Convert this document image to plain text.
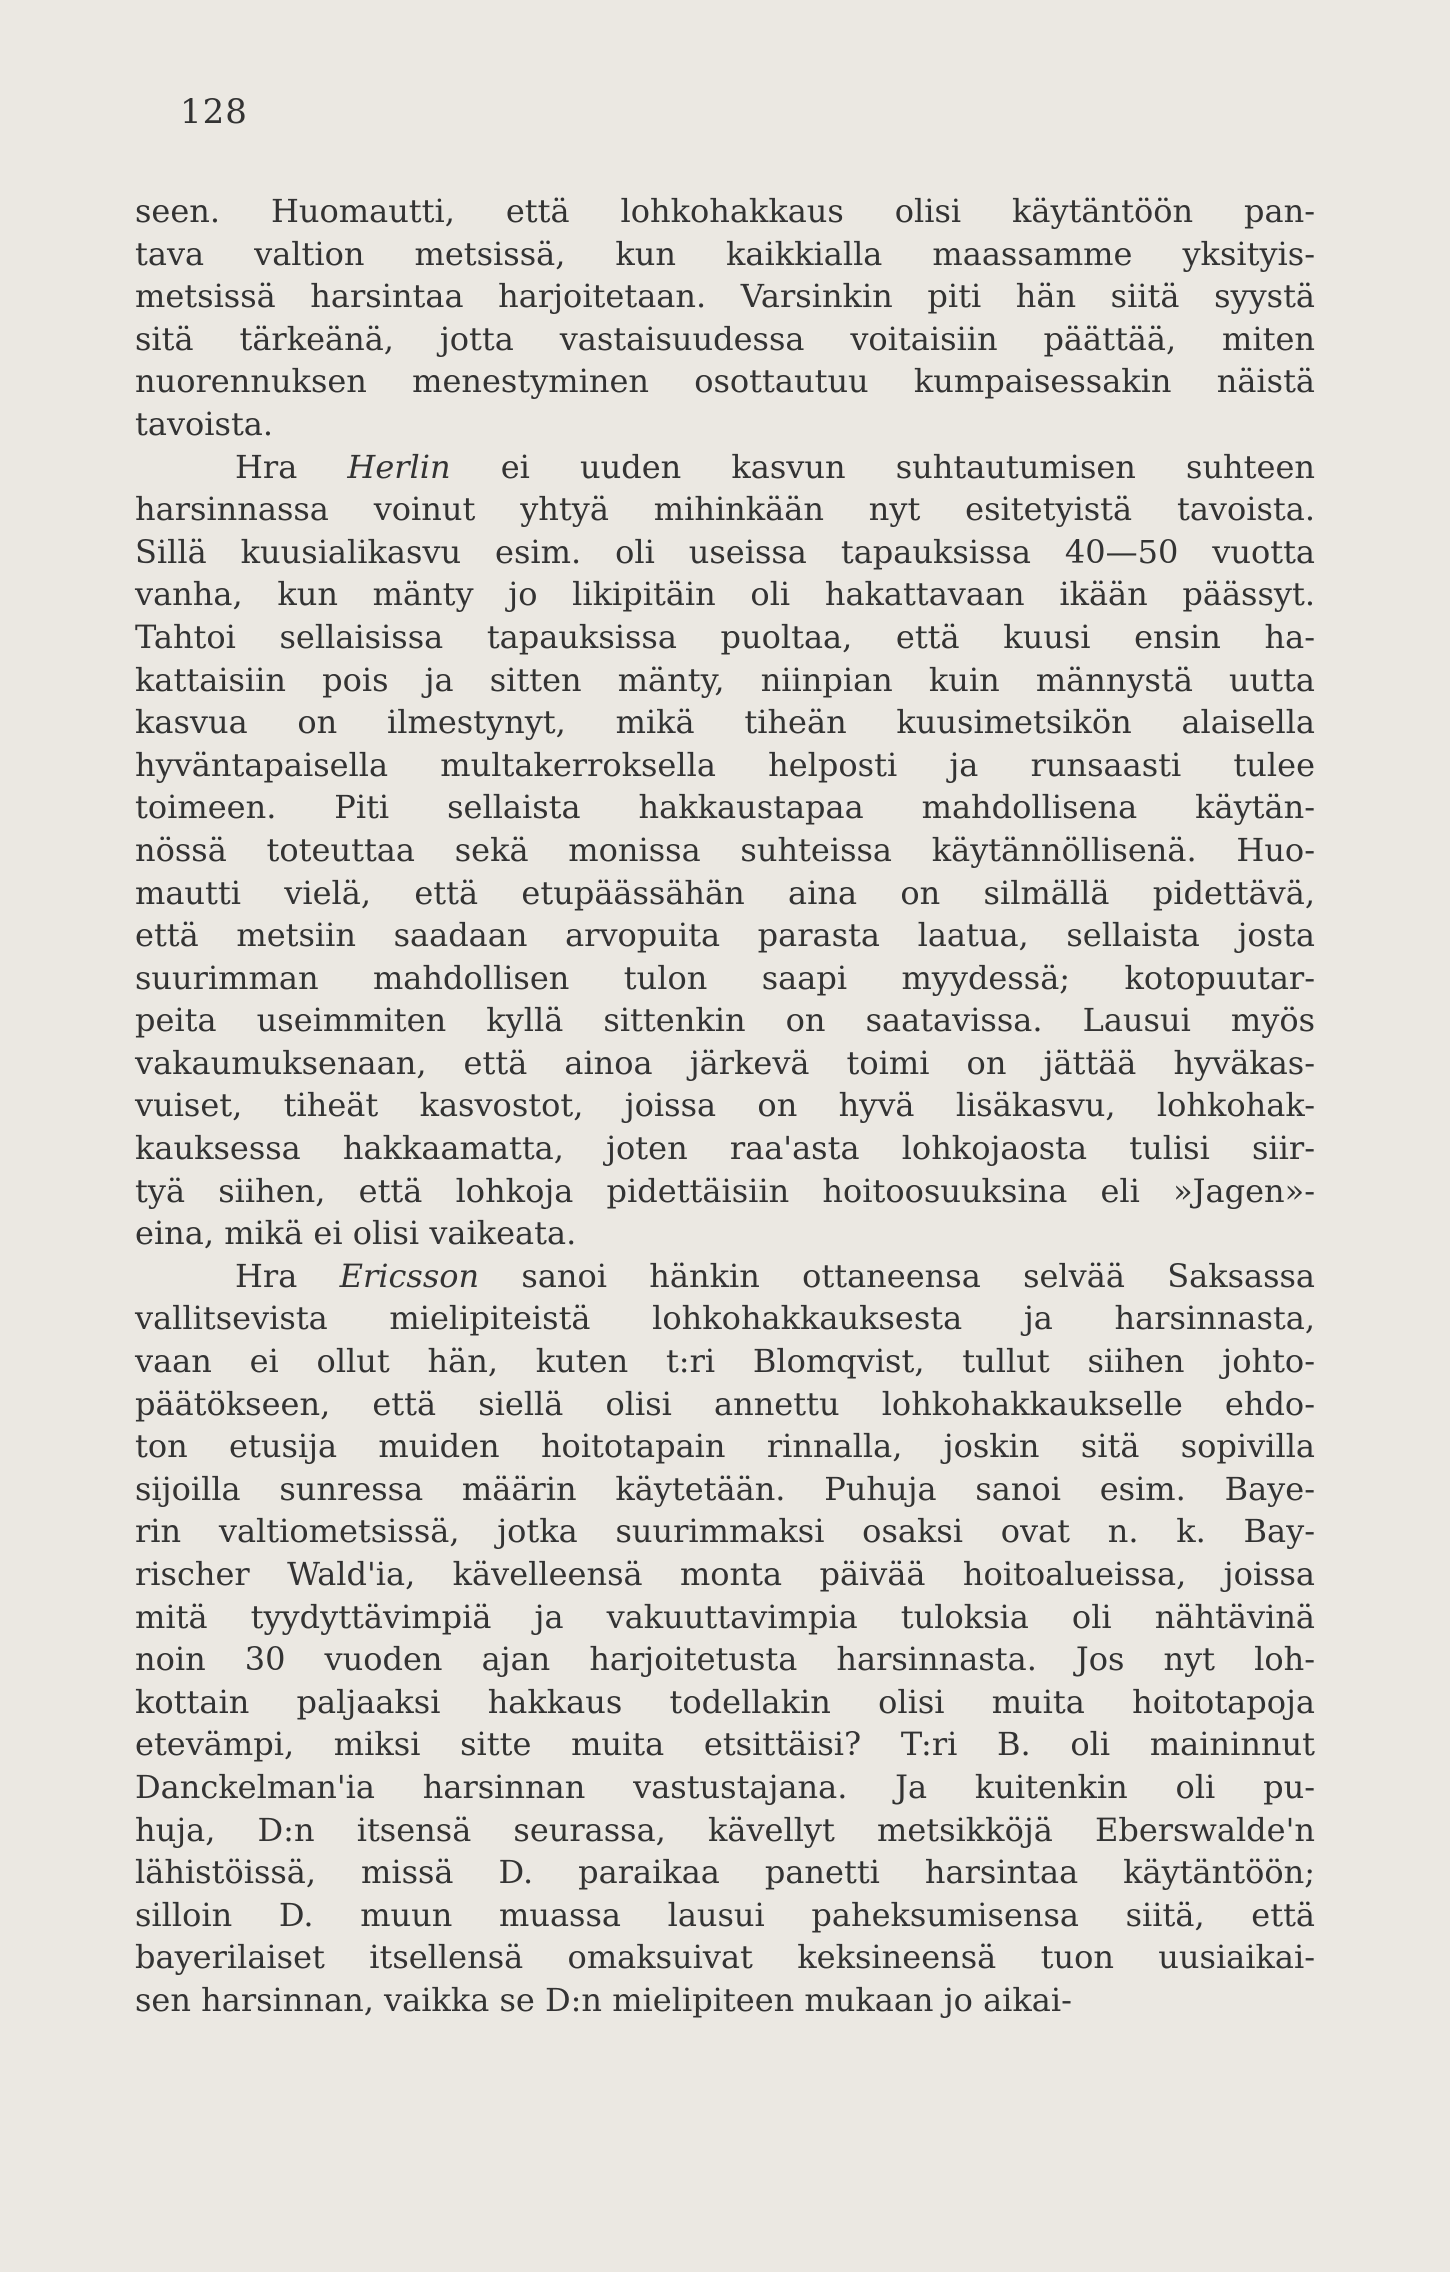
128
seen. Huomautti, että lohkohakkaus olisi käytäntöön pan-
tava valtion metsissä, kun kaikkialla maassamme yksityis-
metsissä harsintaa harjoitetaan. Varsinkin piti hän siitä syystä
sitä tärkeänä, jotta vastaisuudessa voitaisiin päättää, miten
nuorennuksen menestyminen osottautuu kumpaisessakin näistä
tavoista.
Hra Herlin ei uuden kasvun suhtautumisen suhteen
harsinnassa voinut yhtyä mihinkään nyt esitetyistä tavoista.
Sillä kuusialikasvu esim. oli useissa tapauksissa 40—50 vuotta
vanha, kun mänty jo likipitäin oli hakattavaan ikään päässyt.
Tahtoi sellaisissa tapauksissa puoltaa, että kuusi ensin ha-
kattaisiin pois ja sitten mänty, niinpian kuin männystä uutta
kasvua on ilmestynyt, mikä tiheän kuusimetsikön alaisella
hyväntapaisella multakerroksella helposti ja runsaasti tulee
toimeen. Piti sellaista hakkaustapaa mahdollisena käytän-
nössä toteuttaa sekä monissa suhteissa käytännöllisenä. Huo-
mautti vielä, että etupäässähän aina on silmällä pidettävä,
että metsiin saadaan arvopuita parasta laatua, sellaista josta
suurimman mahdollisen tulon saapi myydessä; kotopuutar-
peita useimmiten kyllä sittenkin on saatavissa. Lausui myös
vakaumuksenaan, että ainoa järkevä toimi on jättää hyväkas-
vuiset, tiheät kasvostot, joissa on hyvä lisäkasvu, lohkohak-
kauksessa hakkaamatta, joten raa'asta lohkojaosta tulisi siir-
tyä siihen, että lohkoja pidettäisiin hoitoosuuksina eli »Jagen»-
eina, mikä ei olisi vaikeata.
Hra Ericsson sanoi hänkin ottaneensa selvää Saksassa
vallitsevista mielipiteistä lohkohakkauksesta ja harsinnasta,
vaan ei ollut hän, kuten t:ri Blomqvist, tullut siihen johto-
päätökseen, että siellä olisi annettu lohkohakkaukselle ehdo-
ton etusija muiden hoitotapain rinnalla, joskin sitä sopivilla
sijoilla sunressa määrin käytetään. Puhuja sanoi esim. Baye-
rin valtiometsissä, jotka suurimmaksi osaksi ovat n. k. Bay-
rischer Wald'ia, kävelleensä monta päivää hoitoalueissa, joissa
mitä tyydyttävimpiä ja vakuuttavimpia tuloksia oli nähtävinä
noin 30 vuoden ajan harjoitetusta harsinnasta. Jos nyt loh-
kottain paljaaksi hakkaus todellakin olisi muita hoitotapoja
etevämpi, miksi sitte muita etsittäisi? T:ri B. oli maininnut
Danckelman'ia harsinnan vastustajana. Ja kuitenkin oli pu-
huja, D:n itsensä seurassa, kävellyt metsikköjä Eberswalde'n
lähistöissä, missä D. paraikaa panetti harsintaa käytäntöön;
silloin D. muun muassa lausui paheksumisensa siitä, että
bayerilaiset itsellensä omaksuivat keksineensä tuon uusiaikai-
sen harsinnan, vaikka se D:n mielipiteen mukaan jo aikai-
